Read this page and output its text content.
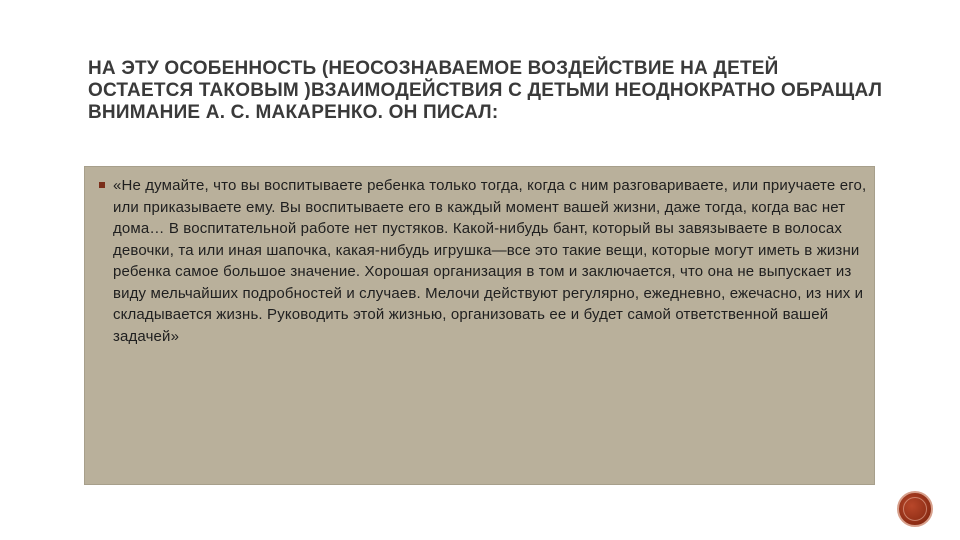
НА ЭТУ ОСОБЕННОСТЬ (НЕОСОЗНАВАЕМОЕ ВОЗДЕЙСТВИЕ НА ДЕТЕЙ ОСТАЕТСЯ ТАКОВЫМ )ВЗАИМОДЕЙСТВИЯ С ДЕТЬМИ НЕОДНОКРАТНО ОБРАЩАЛ ВНИМАНИЕ А. С. МАКАРЕНКО. ОН ПИСАЛ:
«Не думайте, что вы воспитываете ребенка только тогда, когда с ним разговариваете, или приучаете его, или приказываете ему. Вы воспитываете его в каждый момент вашей жизни, даже тогда, когда вас нет дома… В воспитательной работе нет пустяков. Какой-нибудь бант, который вы завязываете в волосах девочки, та или иная шапочка, какая-нибудь игрушка—все это такие вещи, которые могут иметь в жизни ребенка самое большое значение. Хорошая организация в том и заключается, что она не выпускает из виду мельчайших подробностей и случаев. Мелочи действуют регулярно, ежедневно, ежечасно, из них и складывается жизнь. Руководить этой жизнью, организовать ее и будет самой ответственной вашей задачей»
